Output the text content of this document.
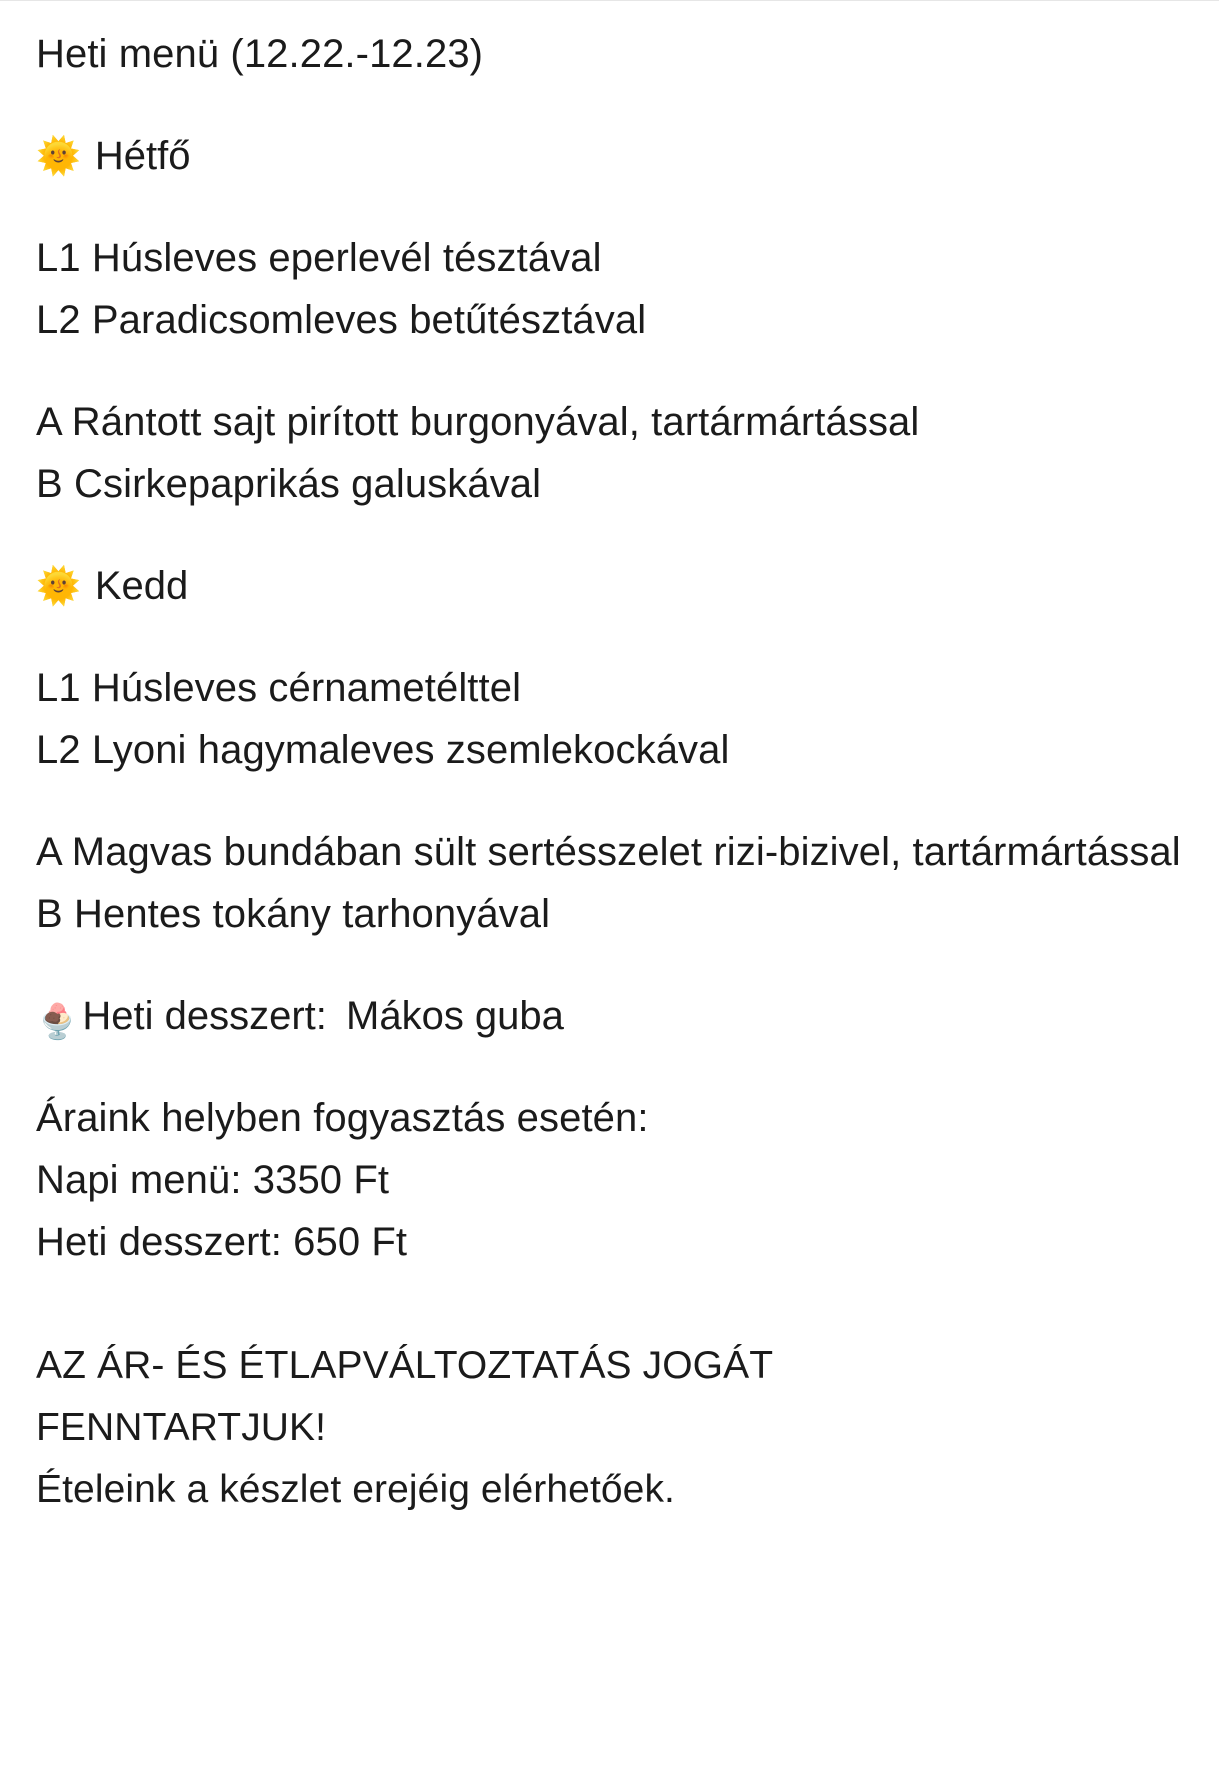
Heti menü (12.22.-12.23)
🌞 Hétfő
L1 Húsleves eperlevél tésztával
L2 Paradicsomleves betűtésztával
A Rántott sajt pirított burgonyával, tartármártással
B Csirkepaprikás galuskával
🌞 Kedd
L1 Húsleves cérnametélttel
L2 Lyoni hagymaleves zsemlekockával
A Magvas bundában sült sertésszelet rizi-bizivel, tartármártással
B Hentes tokány tarhonyával
🍨 Heti desszert:
Mákos guba
Áraink helyben fogyasztás esetén:
Napi menü: 3350 Ft
Heti desszert: 650 Ft
AZ ÁR- ÉS ÉTLAPVÁLTOZTATÁS JOGÁT
FENNTARTJUK!
Ételeink a készlet erejéig elérhetőek.
